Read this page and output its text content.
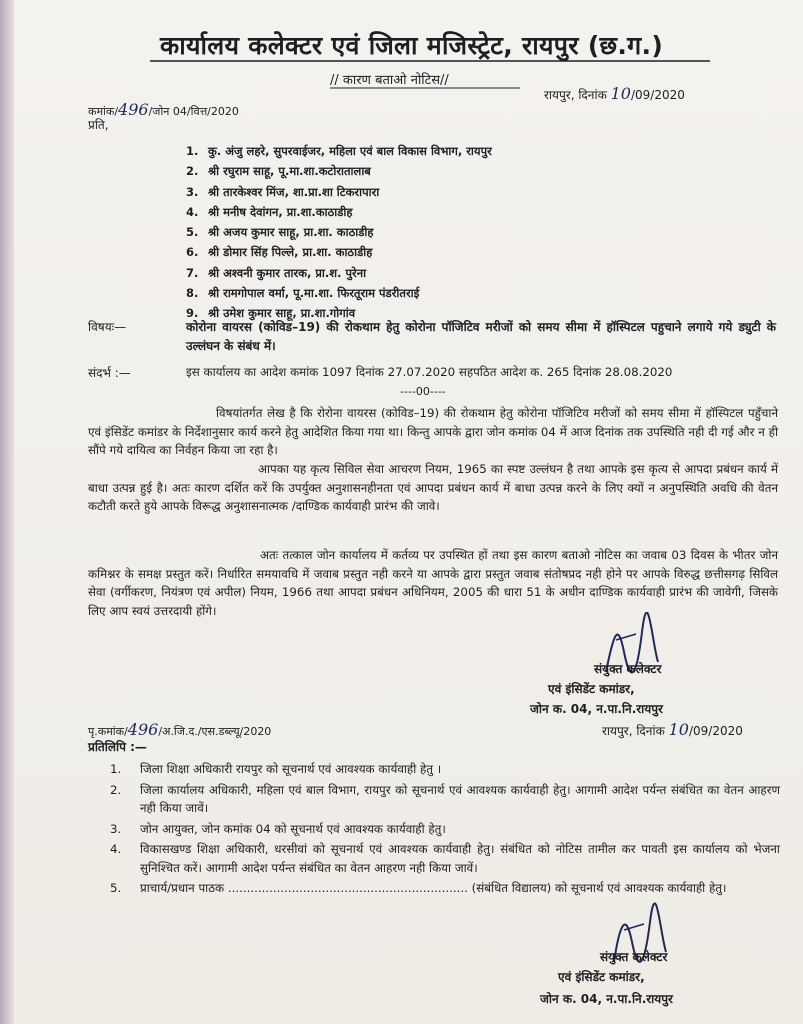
कार्यालय कलेक्टर एवं जिला मजिस्ट्रेट, रायपुर (छ.ग.)
// कारण बताओ नोटिस//
रायपुर, दिनांक 10/09/2020
कमांक/496/जोन 04/वित्त/2020
प्रति,
1. कु. अंजु लहरे, सुपरवाईजर, महिला एवं बाल विकास विभाग, रायपुर
2. श्री रघुराम साहू, पू.मा.शा.कटोरातालाब
3. श्री तारकेश्वर मिंज, शा.प्रा.शा टिकरापारा
4. श्री मनीष देवांगन, प्रा.शा.काठाडीह
5. श्री अजय कुमार साहू, प्रा.शा. काठाडीह
6. श्री डोमार सिंह पिल्ले, प्रा.शा. काठाडीह
7. श्री अश्वनी कुमार तारक, प्रा.श. पुरेना
8. श्री रामगोपाल वर्मा, पू.मा.शा. फिरतूराम पंडरीतराई
9. श्री उमेश कुमार साहू, प्रा.शा.गोगांव
विषयः—	कोरोना वायरस (कोविड–19) की रोकथाम हेतु कोरोना पॉजिटिव मरीजों को समय सीमा में हॉस्पिटल पहुचाने लगाये गये ड्युटी के उल्लंघन के संबंध में।
संदर्भ :—	इस कार्यालय का आदेश कमांक 1097 दिनांक 27.07.2020 सहपठित आदेश क. 265 दिनांक 28.08.2020
----00----
विषयांतर्गत लेख है कि रोरोना वायरस (कोविड–19) की रोकथाम हेतु कोरोना पॉजिटिव मरीजों को समय सीमा में हॉस्पिटल पहुँचाने एवं इंसिडेंट कमांडर के निर्देशानुसार कार्य करने हेतु आदेशित किया गया था। किन्तु आपके द्वारा जोन कमांक 04 में आज दिनांक तक उपस्थिति नही दी गई और न ही सौंपे गये दायित्व का निर्वहन किया जा रहा है।
आपका यह कृत्य सिविल सेवा आचरण नियम, 1965 का स्पष्ट उल्लंघन है तथा आपके इस कृत्य से आपदा प्रबंधन कार्य में बाधा उत्पन्न हुई है। अतः कारण दर्शित करें कि उपर्युक्त अनुशासनहीनता एवं आपदा प्रबंधन कार्य में बाधा उत्पन्न करने के लिए क्यों न अनुपस्थिति अवधि की वेतन कटौती करते हुये आपके विरूद्ध अनुशासनात्मक /दाण्डिक कार्यवाही प्रारंभ की जावे।
अतः तत्काल जोन कार्यालय में कर्तव्य पर उपस्थित हों तथा इस कारण बताओ नोटिस का जवाब 03 दिवस के भीतर जोन कमिश्नर के समक्ष प्रस्तुत करें। निर्धारित समयावधि में जवाब प्रस्तुत नही करने या आपके द्वारा प्रस्तुत जवाब संतोषप्रद नही होने पर आपके विरुद्ध छत्तीसगढ़ सिविल सेवा (वर्गीकरण, नियंत्रण एवं अपील) नियम, 1966 तथा आपदा प्रबंधन अधिनियम, 2005 की धारा 51 के अधीन दाण्डिक कार्यवाही प्रारंभ की जावेगी, जिसके लिए आप स्वयं उत्तरदायी होंगे।
संयुक्त कलेक्टर
एवं इंसिडेंट कमांडर,
जोन क. 04, न.पा.नि.रायपुर
पृ.कमांक/496/अ.जि.द./एस.डब्ल्यू/2020	रायपुर, दिनांक 10/09/2020
प्रतिलिपि :—
1. जिला शिक्षा अधिकारी रायपुर को सूचनार्थ एवं आवश्यक कार्यवाही हेतु ।
2. जिला कार्यालय अधिकारी, महिला एवं बाल विभाग, रायपुर को सूचनार्थ एवं आवश्यक कार्यवाही हेतु। आगामी आदेश पर्यन्त संबंधित का वेतन आहरण नही किया जावें।
3. जोन आयुक्त, जोन कमांक 04 को सूचनार्थ एवं आवश्यक कार्यवाही हेतु।
4. विकासखण्ड शिक्षा अधिकारी, धरसीवां को सूचनार्थ एवं आवश्यक कार्यवाही हेतु। संबंधित को नोटिस तामील कर पावती इस कार्यालय को भेजना सुनिश्चित करें। आगामी आदेश पर्यन्त संबंधित का वेतन आहरण नही किया जावें।
5. प्राचार्य/प्रधान पाठक ................................................................ (संबंधित विद्यालय) को सूचनार्थ एवं आवश्यक कार्यवाही हेतु।
संयुक्त कलेक्टर
एवं इंसिडेंट कमांडर,
जोन क. 04, न.पा.नि.रायपुर
